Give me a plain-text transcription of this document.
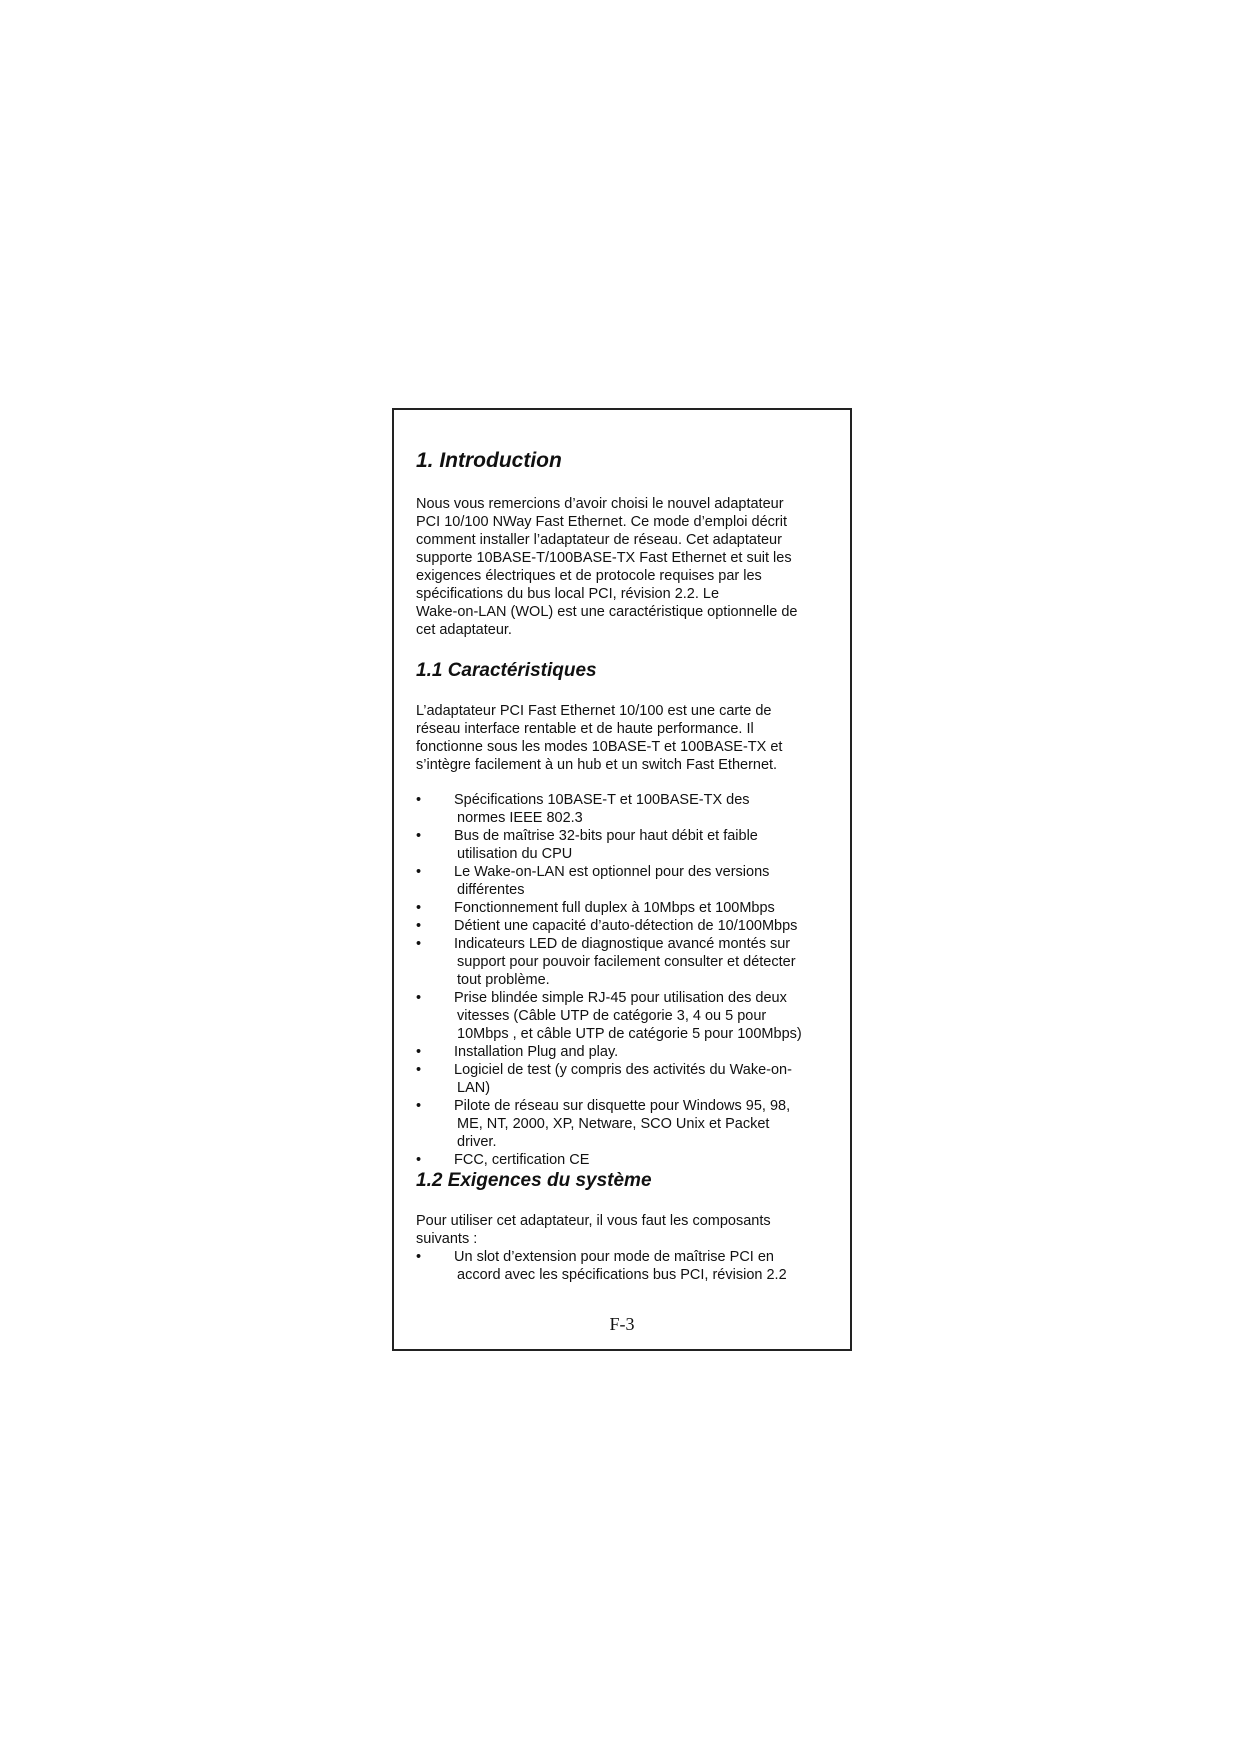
1. Introduction

Nous vous remercions d’avoir choisi le nouvel adaptateur
PCI 10/100 NWay Fast Ethernet. Ce mode d’emploi décrit
comment installer l’adaptateur de réseau. Cet adaptateur
supporte 10BASE-T/100BASE-TX Fast Ethernet et suit les
exigences électriques et de protocole requises par les
spécifications du bus local PCI, révision 2.2. Le
Wake-on-LAN (WOL) est une caractéristique optionnelle de
cet adaptateur.

1.1 Caractéristiques

L’adaptateur PCI Fast Ethernet 10/100 est une carte de
réseau interface rentable et de haute performance. Il
fonctionne sous les modes 10BASE-T et 100BASE-TX et
s’intègre facilement à un hub et un switch Fast Ethernet.

• Spécifications 10BASE-T et 100BASE-TX des
normes IEEE 802.3
• Bus de maîtrise 32-bits pour haut débit et faible
utilisation du CPU
• Le Wake-on-LAN est optionnel pour des versions
différentes
• Fonctionnement full duplex à 10Mbps et 100Mbps
• Détient une capacité d’auto-détection de 10/100Mbps
• Indicateurs LED de diagnostique avancé montés sur
support pour pouvoir facilement consulter et détecter
tout problème.
• Prise blindée simple RJ-45 pour utilisation des deux
vitesses (Câble UTP de catégorie 3, 4 ou 5 pour
10Mbps , et câble UTP de catégorie 5 pour 100Mbps)
• Installation Plug and play.
• Logiciel de test (y compris des activités du Wake-on-
LAN)
• Pilote de réseau sur disquette pour Windows 95, 98,
ME, NT, 2000, XP, Netware, SCO Unix et Packet
driver.
• FCC, certification CE
1.2 Exigences du système

Pour utiliser cet adaptateur, il vous faut les composants
suivants :

• Un slot d’extension pour mode de maîtrise PCI en
accord avec les spécifications bus PCI, révision 2.2
F-3
